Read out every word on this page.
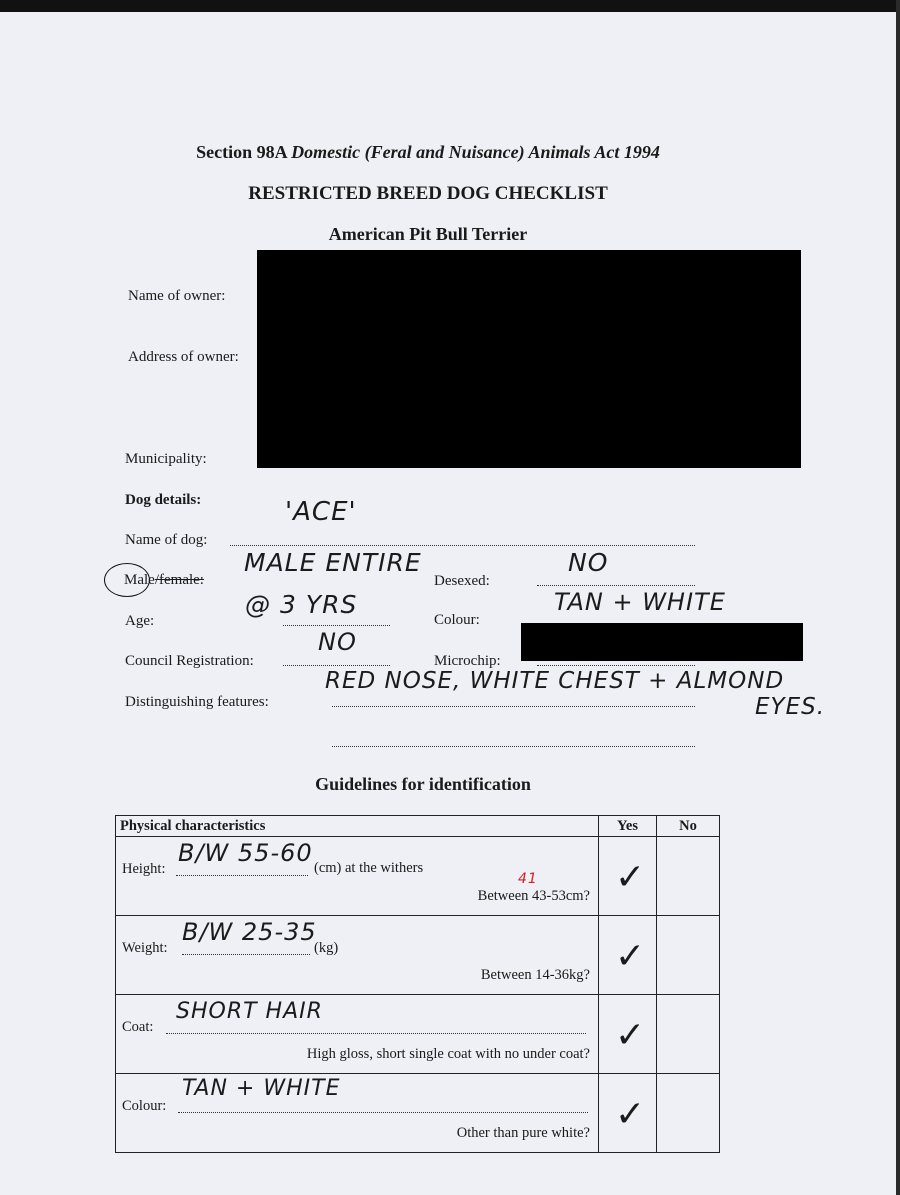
Section 98A Domestic (Feral and Nuisance) Animals Act 1994
RESTRICTED BREED DOG CHECKLIST
American Pit Bull Terrier
Name of owner:
Address of owner:
Municipality:
Dog details:
Name of dog:
'ACE'
Male/female:
MALE ENTIRE
Desexed:
NO
Age:
@ 3 YRS
Colour:
TAN + WHITE
Council Registration:
NO
Microchip:
Distinguishing features:
RED NOSE, WHITE CHEST + ALMOND
EYES.
Guidelines for identification
Physical characteristics	Yes	No

Height:
B/W 55-60
(cm) at the withers
41
Between 43-53cm?	✓	

Weight:
B/W 25-35
(kg)
Between 14-36kg?	✓	

Coat:
SHORT HAIR
High gloss, short single coat with no under coat?	✓	

Colour:
TAN + WHITE
Other than pure white?	✓	
